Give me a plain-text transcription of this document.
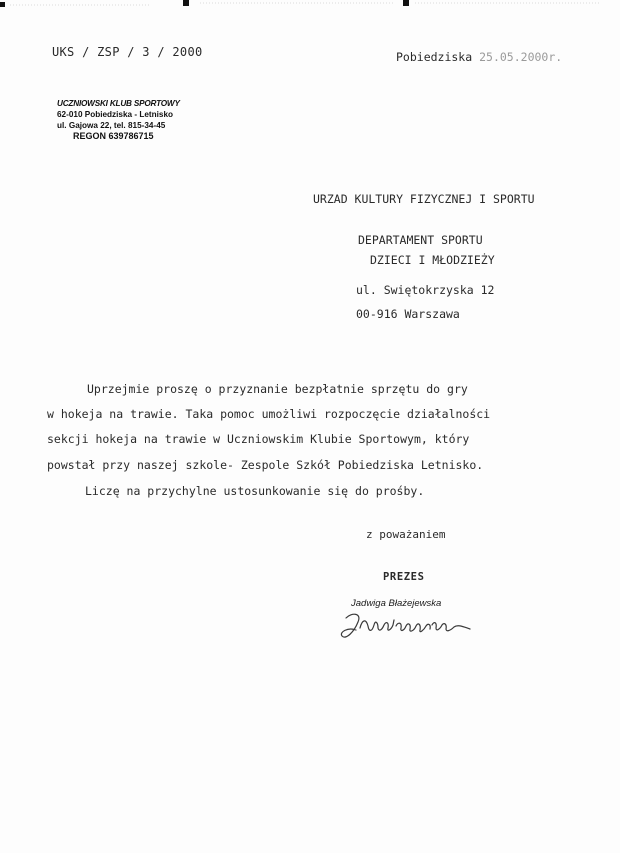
UKS / ZSP / 3 / 2000	Pobiedziska 25.05.2000r.
UCZNIOWSKI KLUB SPORTOWY
62-010 Pobiedziska - Letnisko
ul. Gajowa 22, tel. 815-34-45
REGON 639786715
URZAD KULTURY FIZYCZNEJ I SPORTU
DEPARTAMENT SPORTU
DZIECI I MŁODZIEŻY
ul. Swiętokrzyska 12
00-916 Warszawa
Uprzejmie proszę o przyznanie bezpłatnie sprzętu do gry
w hokeja na trawie. Taka pomoc umożliwi rozpoczęcie działalności
sekcji hokeja na trawie w Uczniowskim Klubie Sportowym, który
powstał przy naszej szkole- Zespole Szkół Pobiedziska Letnisko.
Liczę na przychylne ustosunkowanie się do prośby.
z poważaniem
PREZES
Jadwiga Błażejewska
